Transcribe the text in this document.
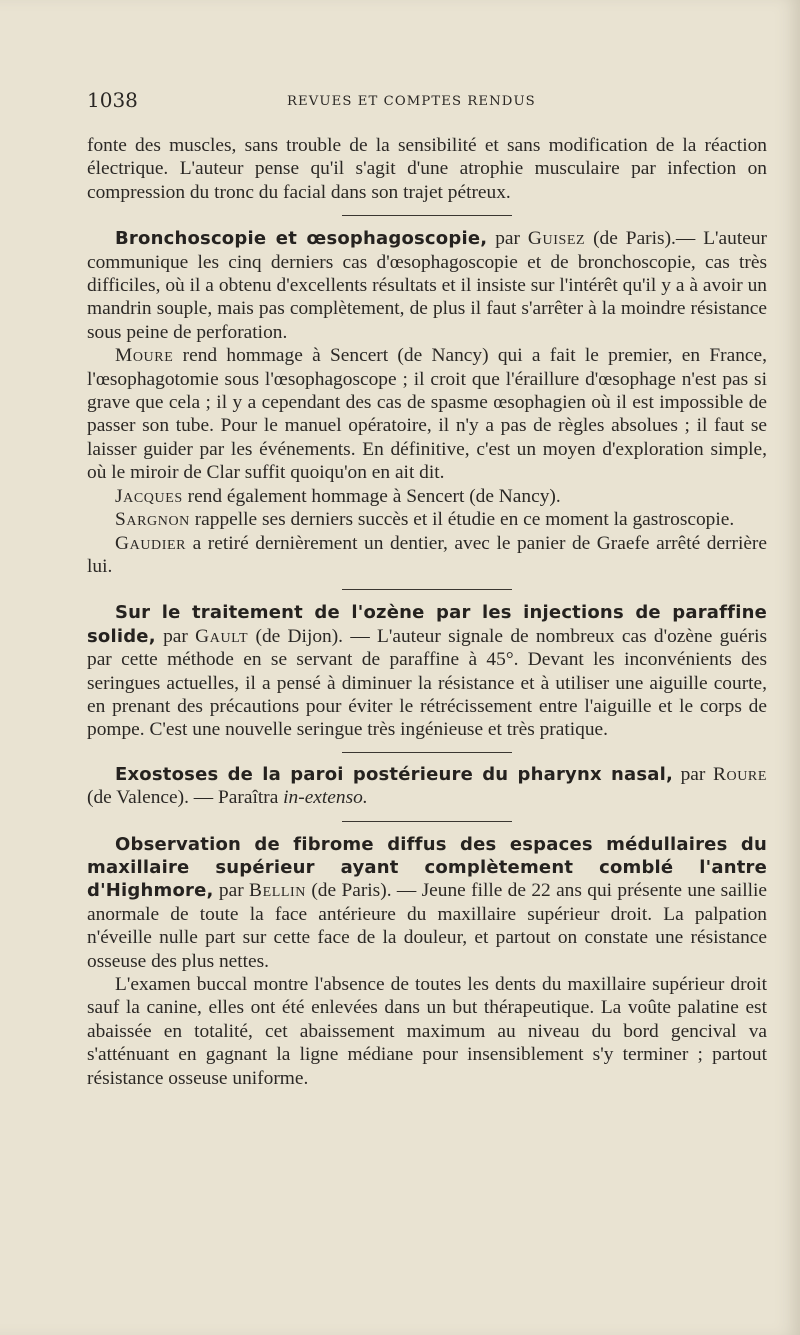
1038	REVUES ET COMPTES RENDUS

fonte des muscles, sans trouble de la sensibilité et sans modification de la réaction électrique. L'auteur pense qu'il s'agit d'une atrophie musculaire par infection on compression du tronc du facial dans son trajet pétreux.

Bronchoscopie et œsophagoscopie, par Guisez (de Paris).— L'auteur communique les cinq derniers cas d'œsophagoscopie et de bronchoscopie, cas très difficiles, où il a obtenu d'excellents résultats et il insiste sur l'intérêt qu'il y a à avoir un mandrin souple, mais pas complètement, de plus il faut s'arrêter à la moindre résistance sous peine de perforation.

Moure rend hommage à Sencert (de Nancy) qui a fait le premier, en France, l'œsophagotomie sous l'œsophagoscope ; il croit que l'éraillure d'œsophage n'est pas si grave que cela ; il y a cependant des cas de spasme œsophagien où il est impossible de passer son tube. Pour le manuel opératoire, il n'y a pas de règles absolues ; il faut se laisser guider par les événements. En définitive, c'est un moyen d'exploration simple, où le miroir de Clar suffit quoiqu'on en ait dit.

Jacques rend également hommage à Sencert (de Nancy).

Sargnon rappelle ses derniers succès et il étudie en ce moment la gastroscopie.

Gaudier a retiré dernièrement un dentier, avec le panier de Graefe arrêté derrière lui.

Sur le traitement de l'ozène par les injections de paraffine solide, par Gault (de Dijon). — L'auteur signale de nombreux cas d'ozène guéris par cette méthode en se servant de paraffine à 45°. Devant les inconvénients des seringues actuelles, il a pensé à diminuer la résistance et à utiliser une aiguille courte, en prenant des précautions pour éviter le rétrécissement entre l'aiguille et le corps de pompe. C'est une nouvelle seringue très ingénieuse et très pratique.

Exostoses de la paroi postérieure du pharynx nasal, par Roure (de Valence). — Paraîtra in-extenso.

Observation de fibrome diffus des espaces médullaires du maxillaire supérieur ayant complètement comblé l'antre d'Highmore, par Bellin (de Paris). — Jeune fille de 22 ans qui présente une saillie anormale de toute la face antérieure du maxillaire supérieur droit. La palpation n'éveille nulle part sur cette face de la douleur, et partout on constate une résistance osseuse des plus nettes.

L'examen buccal montre l'absence de toutes les dents du maxillaire supérieur droit sauf la canine, elles ont été enlevées dans un but thérapeutique. La voûte palatine est abaissée en totalité, cet abaissement maximum au niveau du bord gencival va s'atténuant en gagnant la ligne médiane pour insensiblement s'y terminer ; partout résistance osseuse uniforme.
